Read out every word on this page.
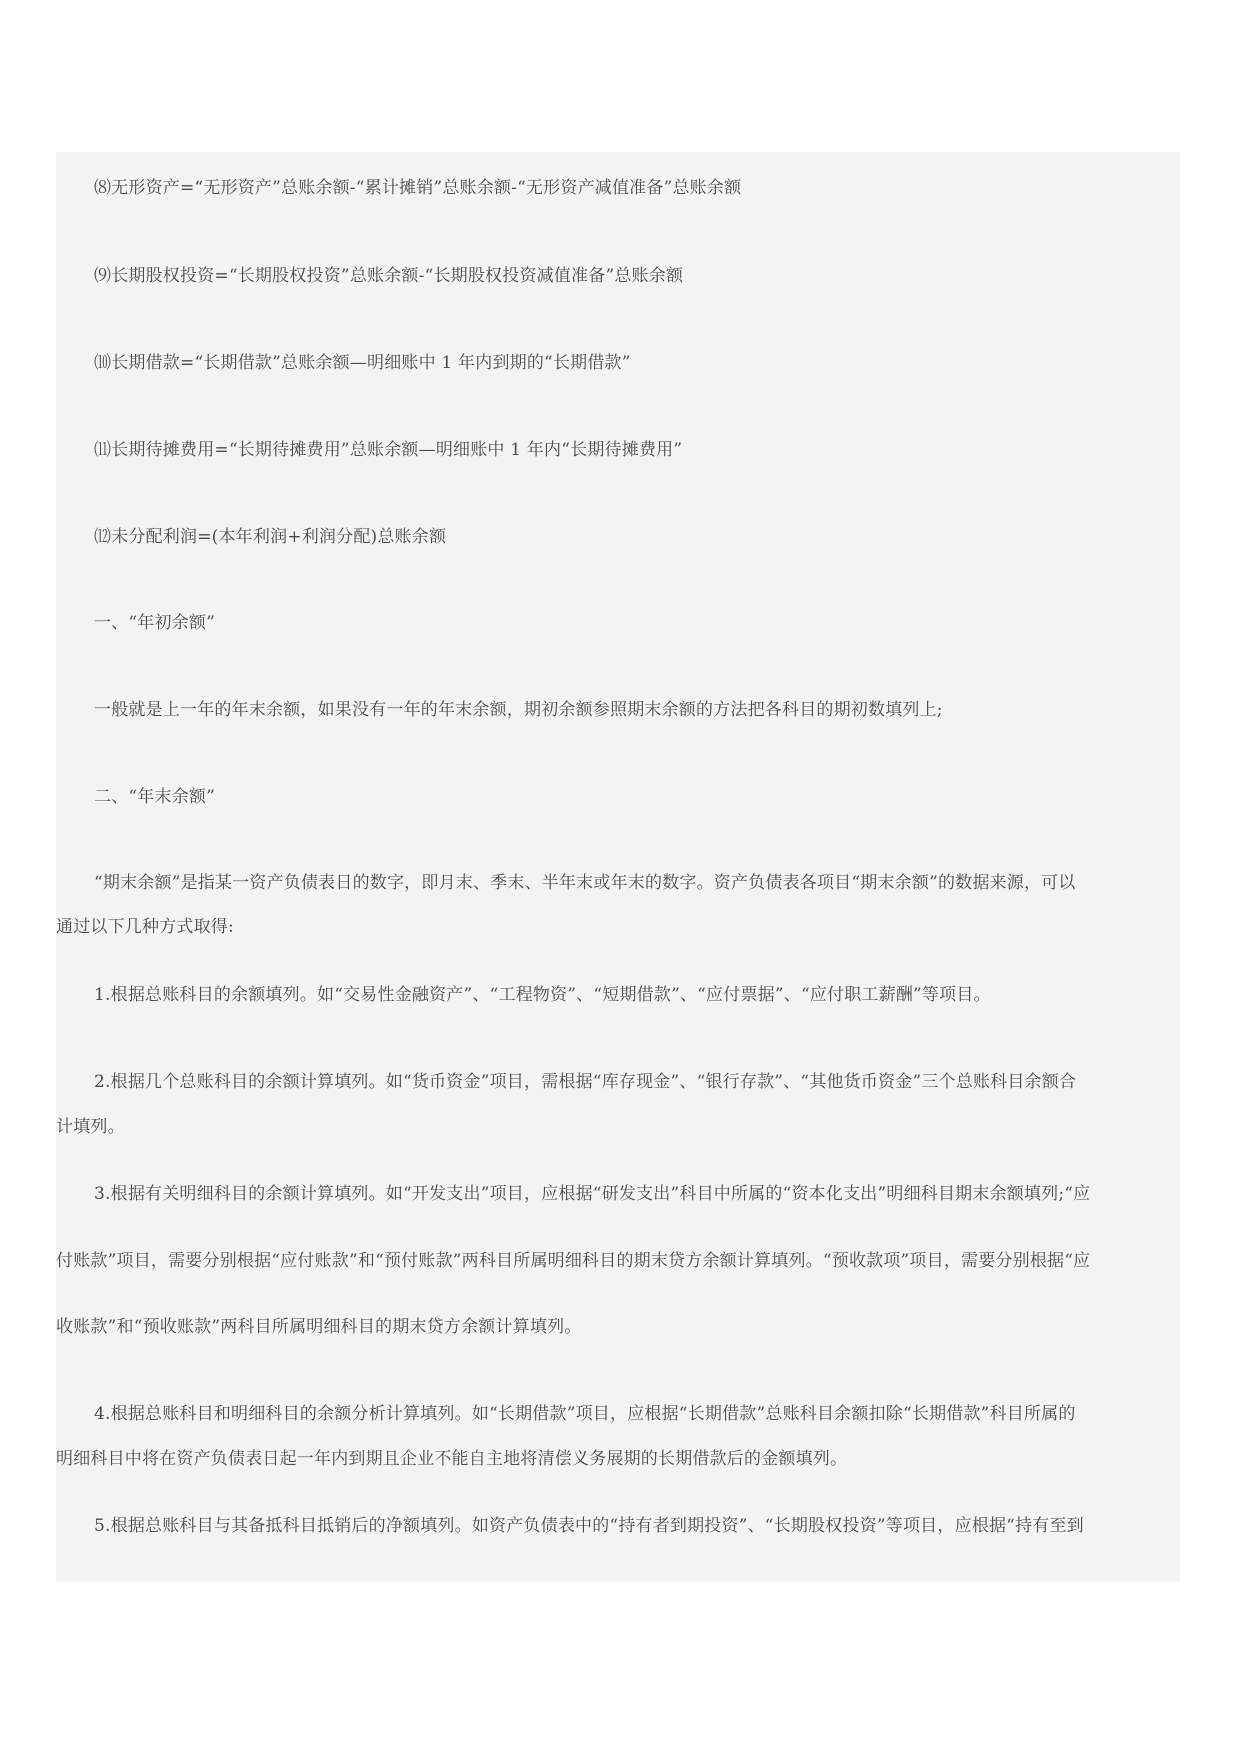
⑻无形资产=“无形资产”总账余额-“累计摊销”总账余额-“无形资产减值准备”总账余额

⑼长期股权投资=“长期股权投资”总账余额-“长期股权投资减值准备”总账余额

⑽长期借款=“长期借款”总账余额—明细账中 1 年内到期的“长期借款”

⑾长期待摊费用=“长期待摊费用”总账余额—明细账中 1 年内“长期待摊费用”

⑿未分配利润=(本年利润+利润分配)总账余额

一、“年初余额”

一般就是上一年的年末余额，如果没有一年的年末余额，期初余额参照期末余额的方法把各科目的期初数填列上;

二、“年末余额”

“期末余额”是指某一资产负债表日的数字，即月末、季末、半年末或年末的数字。资产负债表各项目“期末余额”的数据来源，可以

通过以下几种方式取得:

1.根据总账科目的余额填列。如“交易性金融资产”、“工程物资”、“短期借款”、“应付票据”、“应付职工薪酬”等项目。

2.根据几个总账科目的余额计算填列。如“货币资金”项目，需根据“库存现金”、“银行存款”、“其他货币资金”三个总账科目余额合

计填列。

3.根据有关明细科目的余额计算填列。如“开发支出”项目，应根据“研发支出”科目中所属的“资本化支出”明细科目期末余额填列;“应

付账款”项目，需要分别根据“应付账款”和“预付账款”两科目所属明细科目的期末贷方余额计算填列。“预收款项”项目，需要分别根据“应

收账款”和“预收账款”两科目所属明细科目的期末贷方余额计算填列。

4.根据总账科目和明细科目的余额分析计算填列。如“长期借款”项目，应根据“长期借款”总账科目余额扣除“长期借款”科目所属的

明细科目中将在资产负债表日起一年内到期且企业不能自主地将清偿义务展期的长期借款后的金额填列。

5.根据总账科目与其备抵科目抵销后的净额填列。如资产负债表中的“持有者到期投资”、“长期股权投资”等项目，应根据“持有至到
